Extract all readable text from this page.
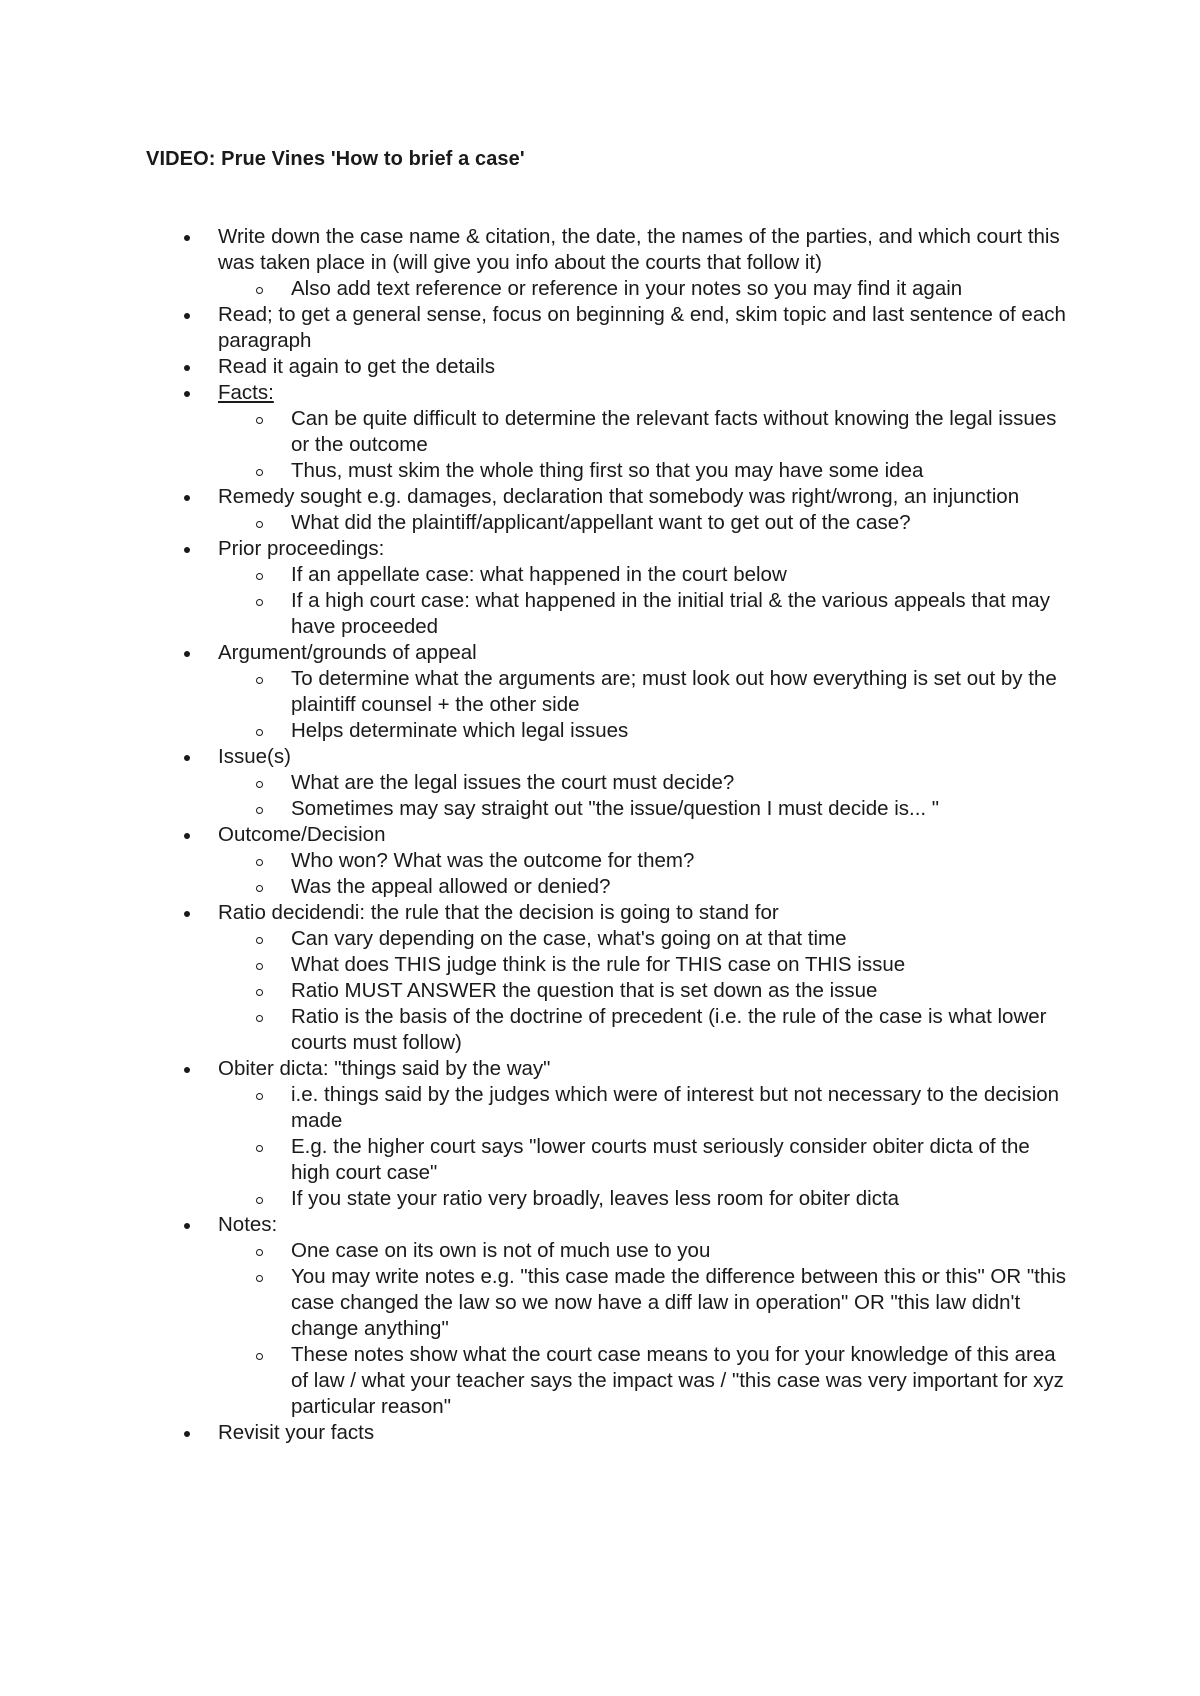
VIDEO: Prue Vines 'How to brief a case'
Write down the case name & citation, the date, the names of the parties, and which court this was taken place in (will give you info about the courts that follow it)
Also add text reference or reference in your notes so you may find it again
Read; to get a general sense, focus on beginning & end, skim topic and last sentence of each paragraph
Read it again to get the details
Facts:
Can be quite difficult to determine the relevant facts without knowing the legal issues or the outcome
Thus, must skim the whole thing first so that you may have some idea
Remedy sought e.g. damages, declaration that somebody was right/wrong, an injunction
What did the plaintiff/applicant/appellant want to get out of the case?
Prior proceedings:
If an appellate case: what happened in the court below
If a high court case: what happened in the initial trial & the various appeals that may have proceeded
Argument/grounds of appeal
To determine what the arguments are; must look out how everything is set out by the plaintiff counsel + the other side
Helps determinate which legal issues
Issue(s)
What are the legal issues the court must decide?
Sometimes may say straight out "the issue/question I must decide is... "
Outcome/Decision
Who won? What was the outcome for them?
Was the appeal allowed or denied?
Ratio decidendi: the rule that the decision is going to stand for
Can vary depending on the case, what's going on at that time
What does THIS judge think is the rule for THIS case on THIS issue
Ratio MUST ANSWER the question that is set down as the issue
Ratio is the basis of the doctrine of precedent (i.e. the rule of the case is what lower courts must follow)
Obiter dicta: "things said by the way"
i.e. things said by the judges which were of interest but not necessary to the decision made
E.g. the higher court says "lower courts must seriously consider obiter dicta of the high court case"
If you state your ratio very broadly, leaves less room for obiter dicta
Notes:
One case on its own is not of much use to you
You may write notes e.g. "this case made the difference between this or this" OR "this case changed the law so we now have a diff law in operation" OR "this law didn't change anything"
These notes show what the court case means to you for your knowledge of this area of law / what your teacher says the impact was / "this case was very important for xyz particular reason"
Revisit your facts
